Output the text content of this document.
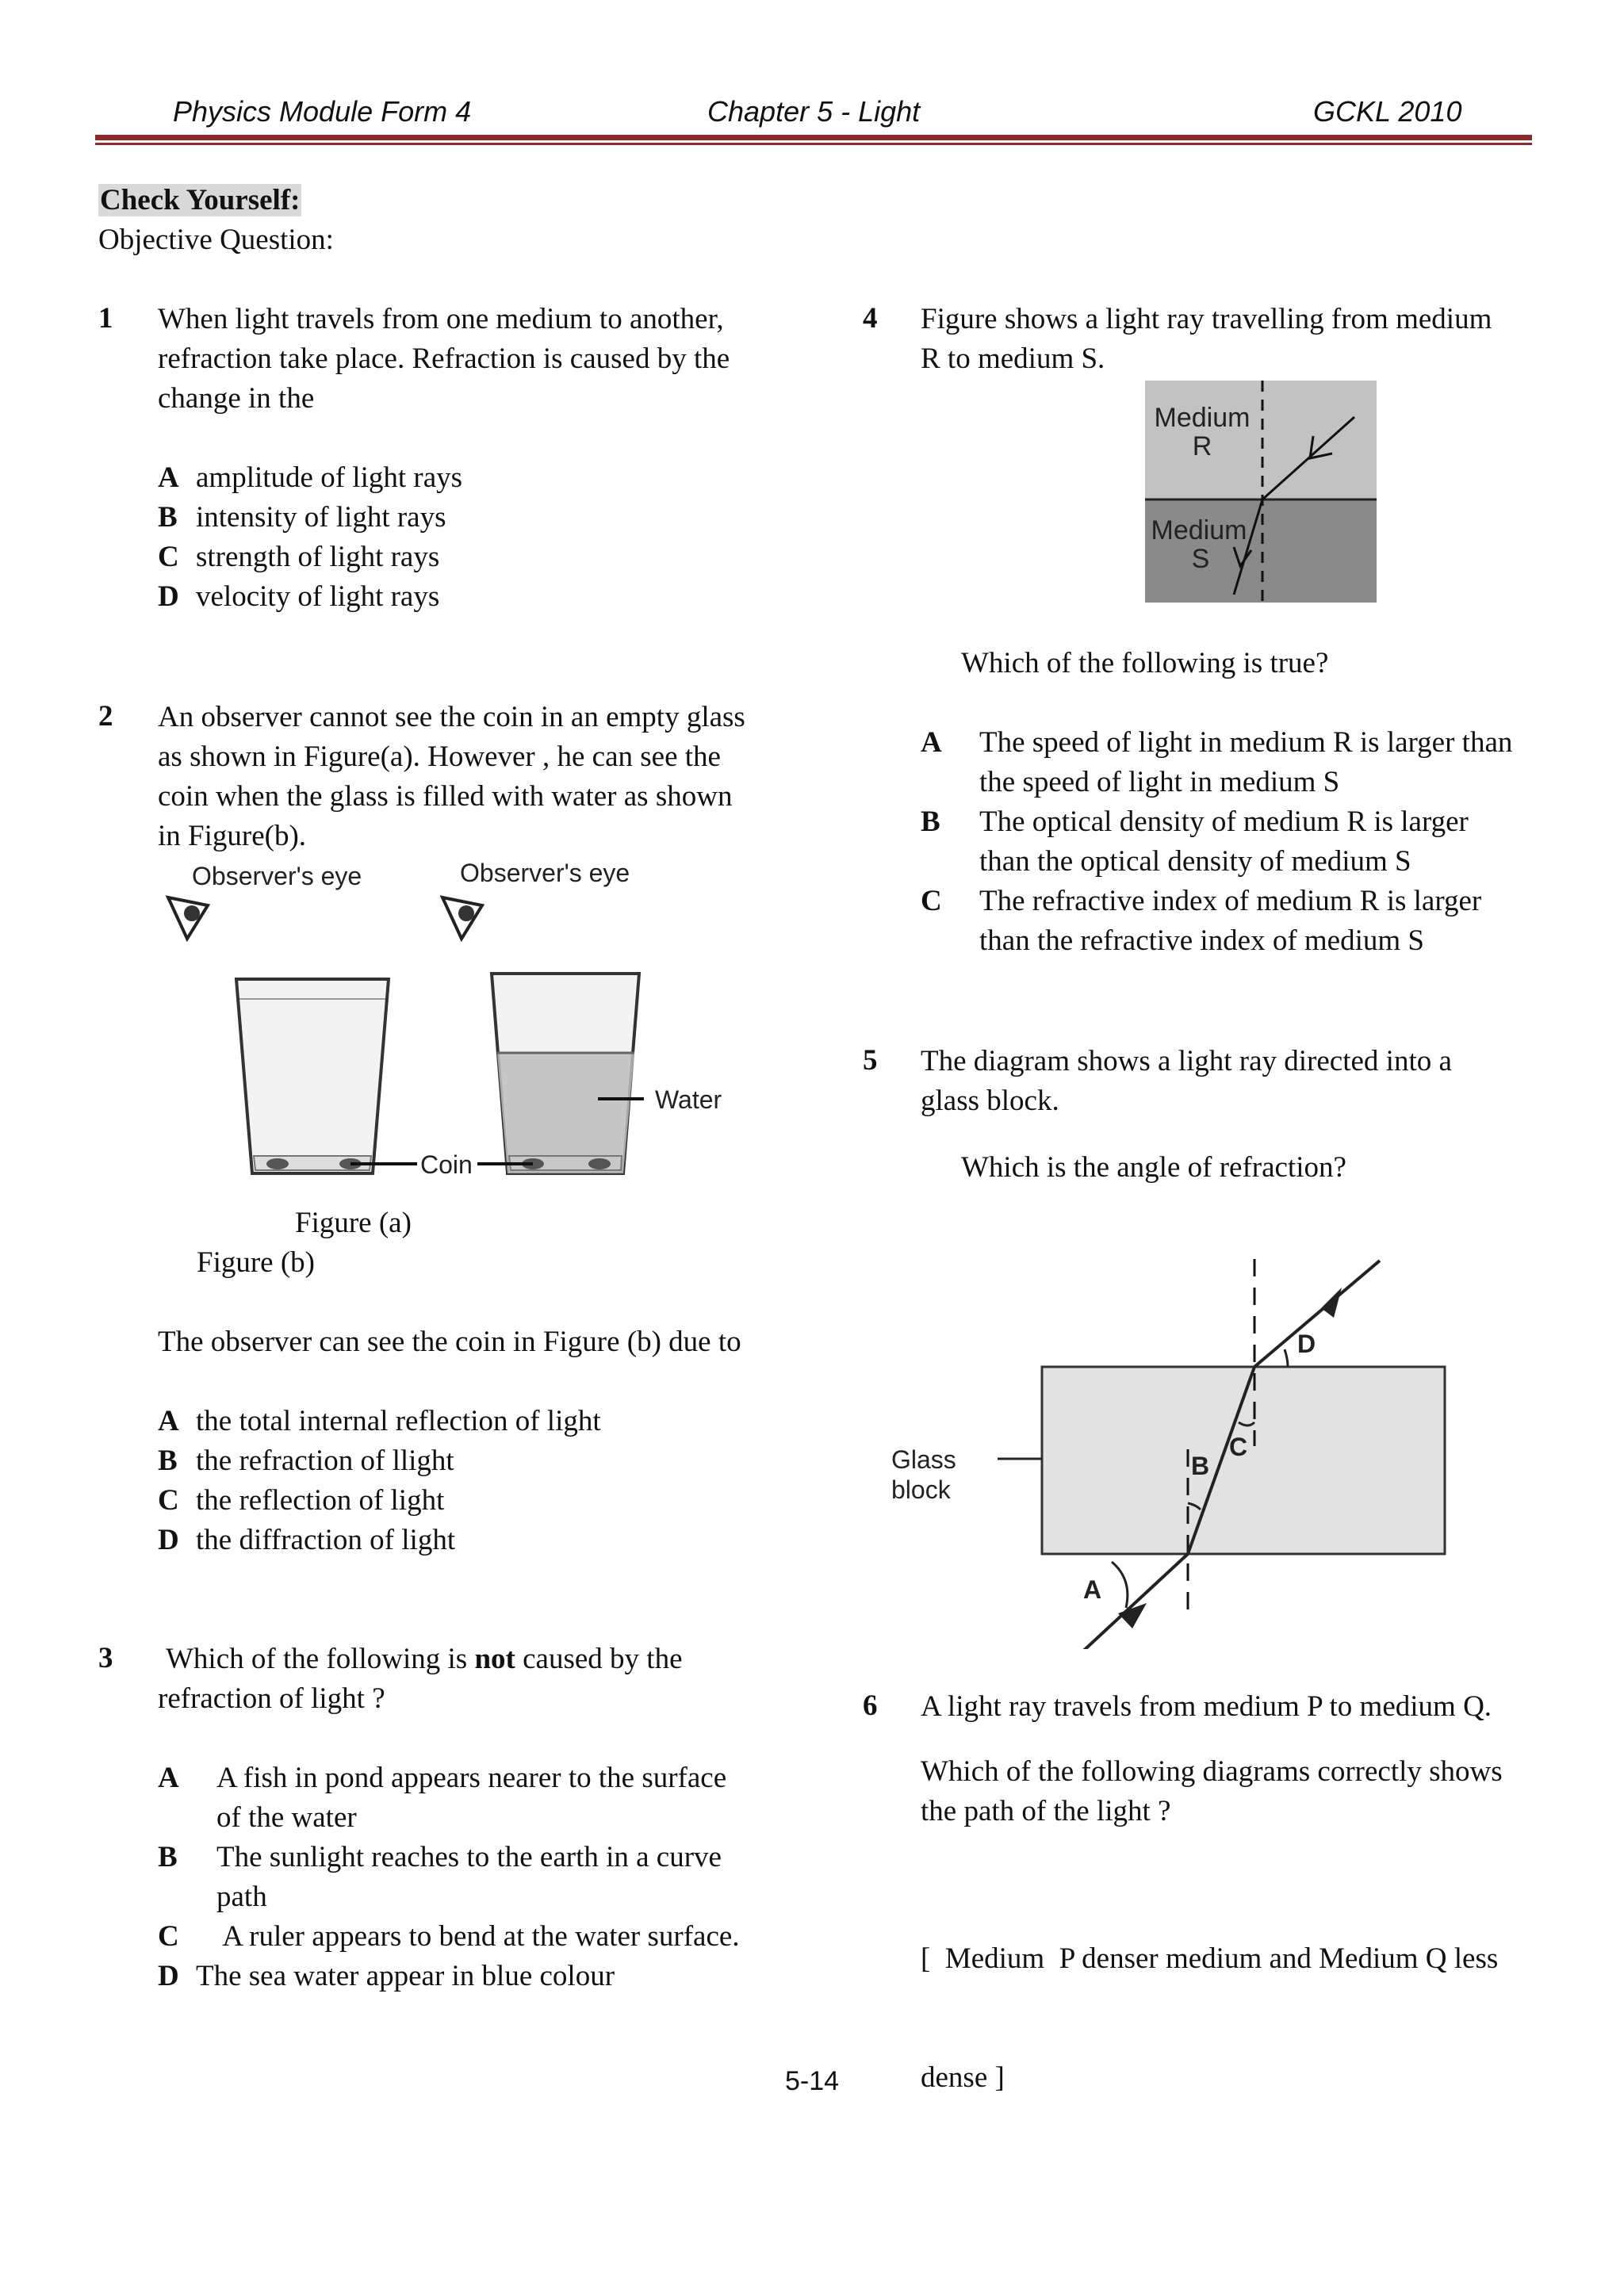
Physics Module Form 4	Chapter 5 - Light	GCKL 2010
Check Yourself:
Objective Question:
1 When light travels from one medium to another,
refraction take place. Refraction is caused by the
change in the
A amplitude of light rays
B intensity of light rays
C strength of light rays
D velocity of light rays
2 An observer cannot see the coin in an empty glass
as shown in Figure(a). However , he can see the
coin when the glass is filled with water as shown
in Figure(b).
Observer's eye	Observer's eye
Coin
Water
Figure (a)
Figure (b)
The observer can see the coin in Figure (b) due to
A the total internal reflection of light
B the refraction of llight
C the reflection of light
D the diffraction of light
3 Which of the following is not caused by the
refraction of light ?
A A fish in pond appears nearer to the surface
of the water
B The sunlight reaches to the earth in a curve
path
C A ruler appears to bend at the water surface.
D The sea water appear in blue colour
4 Figure shows a light ray travelling from medium
R to medium S.
Medium
R
Medium
S
Which of the following is true?
A The speed of light in medium R is larger than
the speed of light in medium S
B The optical density of medium R is larger
than the optical density of medium S
C The refractive index of medium R is larger
than the refractive index of medium S
5 The diagram shows a light ray directed into a
glass block.
Which is the angle of refraction?
A
B
C
D
Glass
block
6 A light ray travels from medium P to medium Q.
Which of the following diagrams correctly shows
the path of the light ?

[  Medium  P denser medium and Medium Q less

dense ]

5-14
